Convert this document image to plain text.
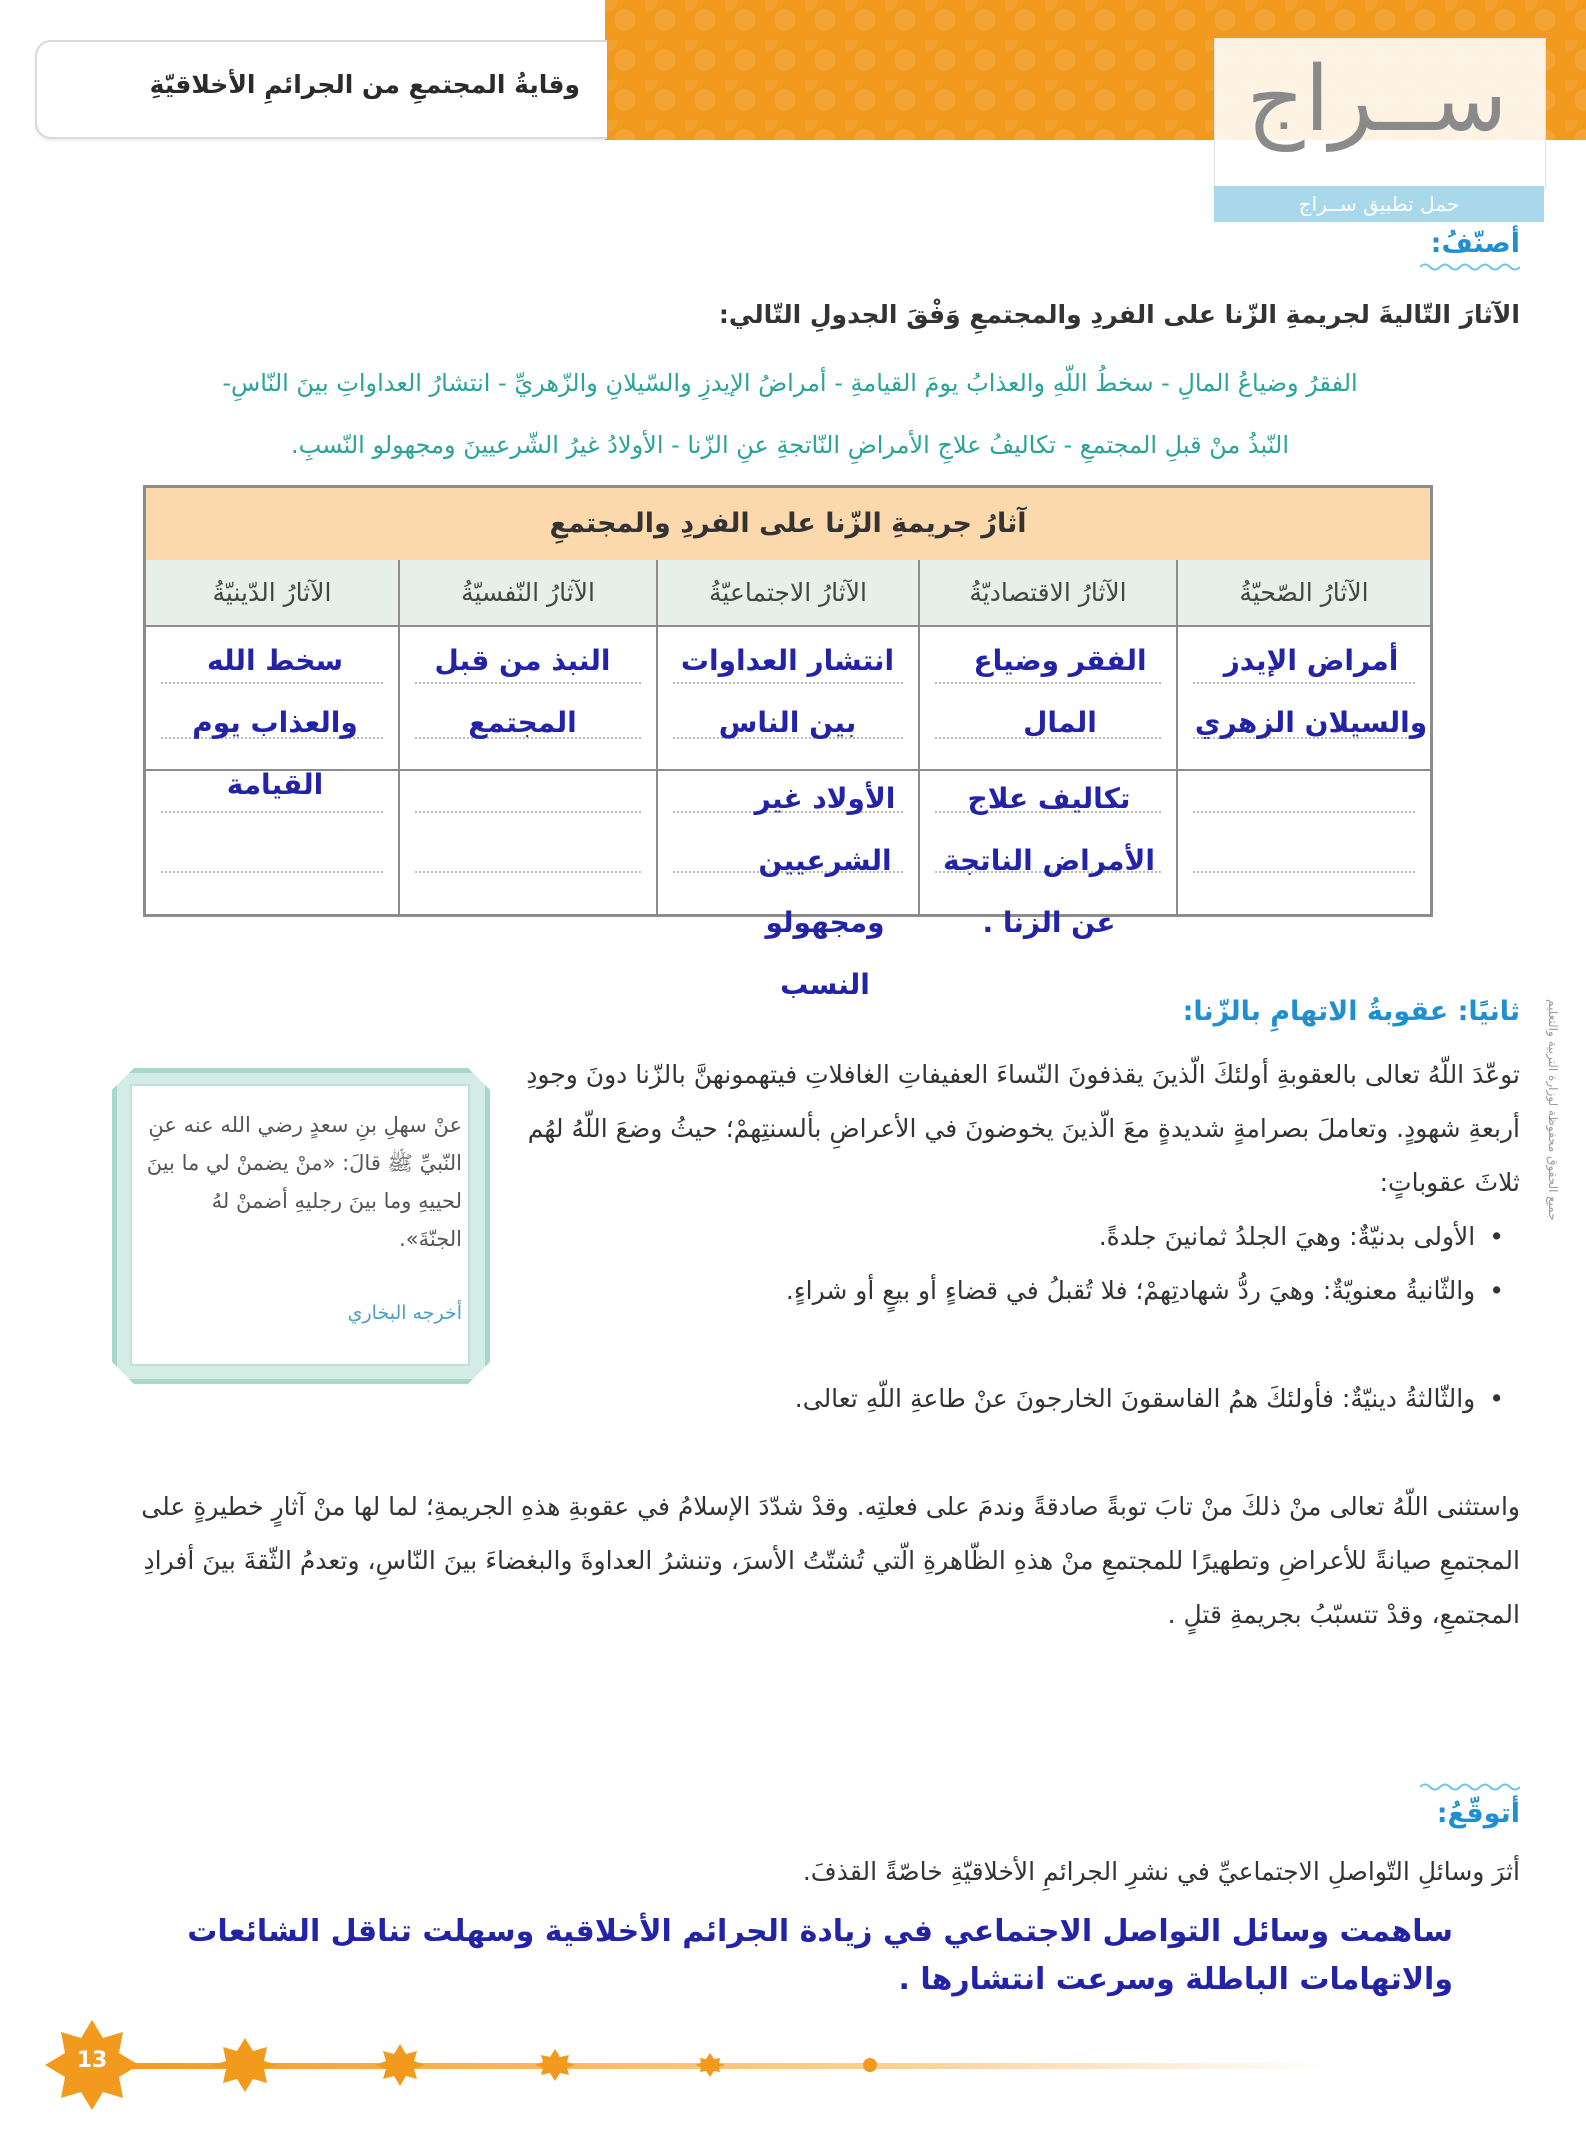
وقايةُ المجتمعِ من الجرائمِ الأخلاقيّةِ	ســراج
حمل تطبيق ســراج
أصنّفُ:
الآثارَ التّاليةَ لجريمةِ الزّنا على الفردِ والمجتمعِ وَفْقَ الجدولِ التّالي:
الفقرُ وضياعُ المالِ - سخطُ اللّهِ والعذابُ يومَ القيامةِ - أمراضُ الإيدزِ والسّيلانِ والزّهريِّ - انتشارُ العداواتِ بينَ النّاسِ-
النّبذُ منْ قبلِ المجتمعِ - تكاليفُ علاجِ الأمراضِ النّاتجةِ عنِ الزّنا - الأولادُ غيرُ الشّرعيينَ ومجهولو النّسبِ.
آثارُ جريمةِ الزّنا على الفردِ والمجتمعِ
الآثارُ الصّحيّةُ
الآثارُ الاقتصاديّةُ
الآثارُ الاجتماعيّةُ
الآثارُ النّفسيّةُ
الآثارُ الدّينيّةُ
أمراض الإيدز والسيلان الزهري
الفقر وضياع المال
تكاليف علاج الأمراض الناتجة عن الزنا .
انتشار العداوات بين الناس
الأولاد غير الشرعيين ومجهولو النسب
النبذ من قبل المجتمع
سخط الله والعذاب يوم القيامة
ثانيًا: عقوبةُ الاتهامِ بالزّنا:
عنْ سهلِ بنِ سعدٍ رضي الله عنه عنِ النّبيِّ ﷺ قالَ: «منْ يضمنْ لي ما بينَ لحييهِ وما بينَ رجليهِ أضمنْ لهُ الجنّةَ».
أخرجه البخاري
توعّدَ اللّهُ تعالى بالعقوبةِ أولئكَ الّذينَ يقذفونَ النّساءَ العفيفاتِ الغافلاتِ فيتهمونهنَّ بالزّنا دونَ وجودِ أربعةِ شهودٍ. وتعاملَ بصرامةٍ شديدةٍ معَ الّذينَ يخوضونَ في الأعراضِ بألسنتِهمْ؛ حيثُ وضعَ اللّهُ لهُم ثلاثَ عقوباتٍ:
• الأولى بدنيّةٌ: وهيَ الجلدُ ثمانينَ جلدةً.
• والثّانيةُ معنويّةٌ: وهيَ ردُّ شهادتِهمْ؛ فلا تُقبلُ في قضاءٍ أو بيعٍ أو شراءٍ.
• والثّالثةُ دينيّةٌ: فأولئكَ همُ الفاسقونَ الخارجونَ عنْ طاعةِ اللّهِ تعالى.
واستثنى اللّهُ تعالى منْ ذلكَ منْ تابَ توبةً صادقةً وندمَ على فعلتِه. وقدْ شدّدَ الإسلامُ في عقوبةِ هذهِ الجريمةِ؛ لما لها منْ آثارٍ خطيرةٍ على المجتمعِ صيانةً للأعراضِ وتطهيرًا للمجتمعِ منْ هذهِ الظّاهرةِ الّتي تُشتّتُ الأسرَ، وتنشرُ العداوةَ والبغضاءَ بينَ النّاسِ، وتعدمُ الثّقةَ بينَ أفرادِ المجتمعِ، وقدْ تتسبّبُ بجريمةِ قتلٍ .
أتوقّعُ:
أثرَ وسائلِ التّواصلِ الاجتماعيِّ في نشرِ الجرائمِ الأخلاقيّةِ خاصّةً القذفَ.
ساهمت وسائل التواصل الاجتماعي في زيادة الجرائم الأخلاقية وسهلت تناقل الشائعات والاتهامات الباطلة وسرعت انتشارها .
13
جميع الحقوق محفوظة لوزارة التربية والتعليم
